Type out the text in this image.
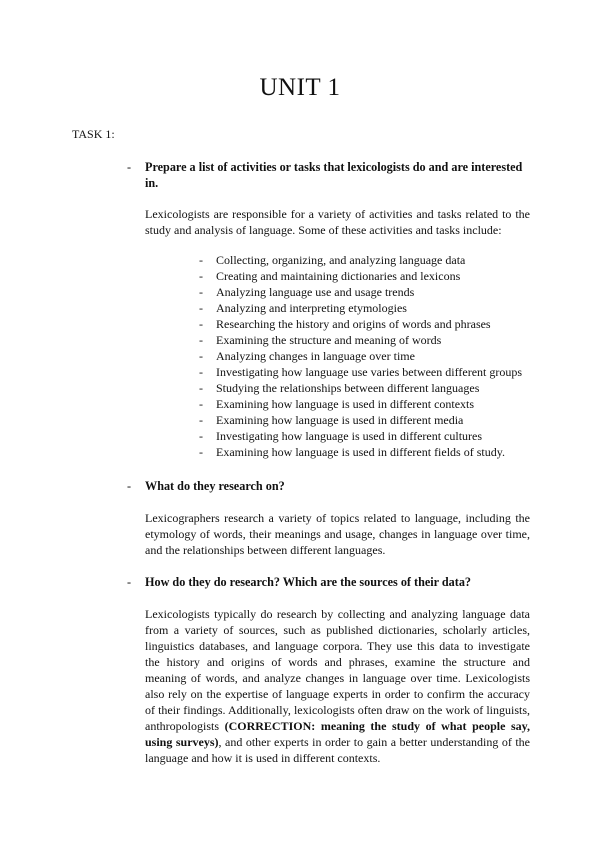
UNIT 1
TASK 1:
- Prepare a list of activities or tasks that lexicologists do and are interested in.

Lexicologists are responsible for a variety of activities and tasks related to the study and analysis of language. Some of these activities and tasks include:

- Collecting, organizing, and analyzing language data
- Creating and maintaining dictionaries and lexicons
- Analyzing language use and usage trends
- Analyzing and interpreting etymologies
- Researching the history and origins of words and phrases
- Examining the structure and meaning of words
- Analyzing changes in language over time
- Investigating how language use varies between different groups
- Studying the relationships between different languages
- Examining how language is used in different contexts
- Examining how language is used in different media
- Investigating how language is used in different cultures
- Examining how language is used in different fields of study.
- What do they research on?

Lexicographers research a variety of topics related to language, including the etymology of words, their meanings and usage, changes in language over time, and the relationships between different languages.

- How do they do research? Which are the sources of their data?

Lexicologists typically do research by collecting and analyzing language data from a variety of sources, such as published dictionaries, scholarly articles, linguistics databases, and language corpora. They use this data to investigate the history and origins of words and phrases, examine the structure and meaning of words, and analyze changes in language over time. Lexicologists also rely on the expertise of language experts in order to confirm the accuracy of their findings. Additionally, lexicologists often draw on the work of linguists, anthropologists (CORRECTION: meaning the study of what people say, using surveys), and other experts in order to gain a better understanding of the language and how it is used in different contexts.
